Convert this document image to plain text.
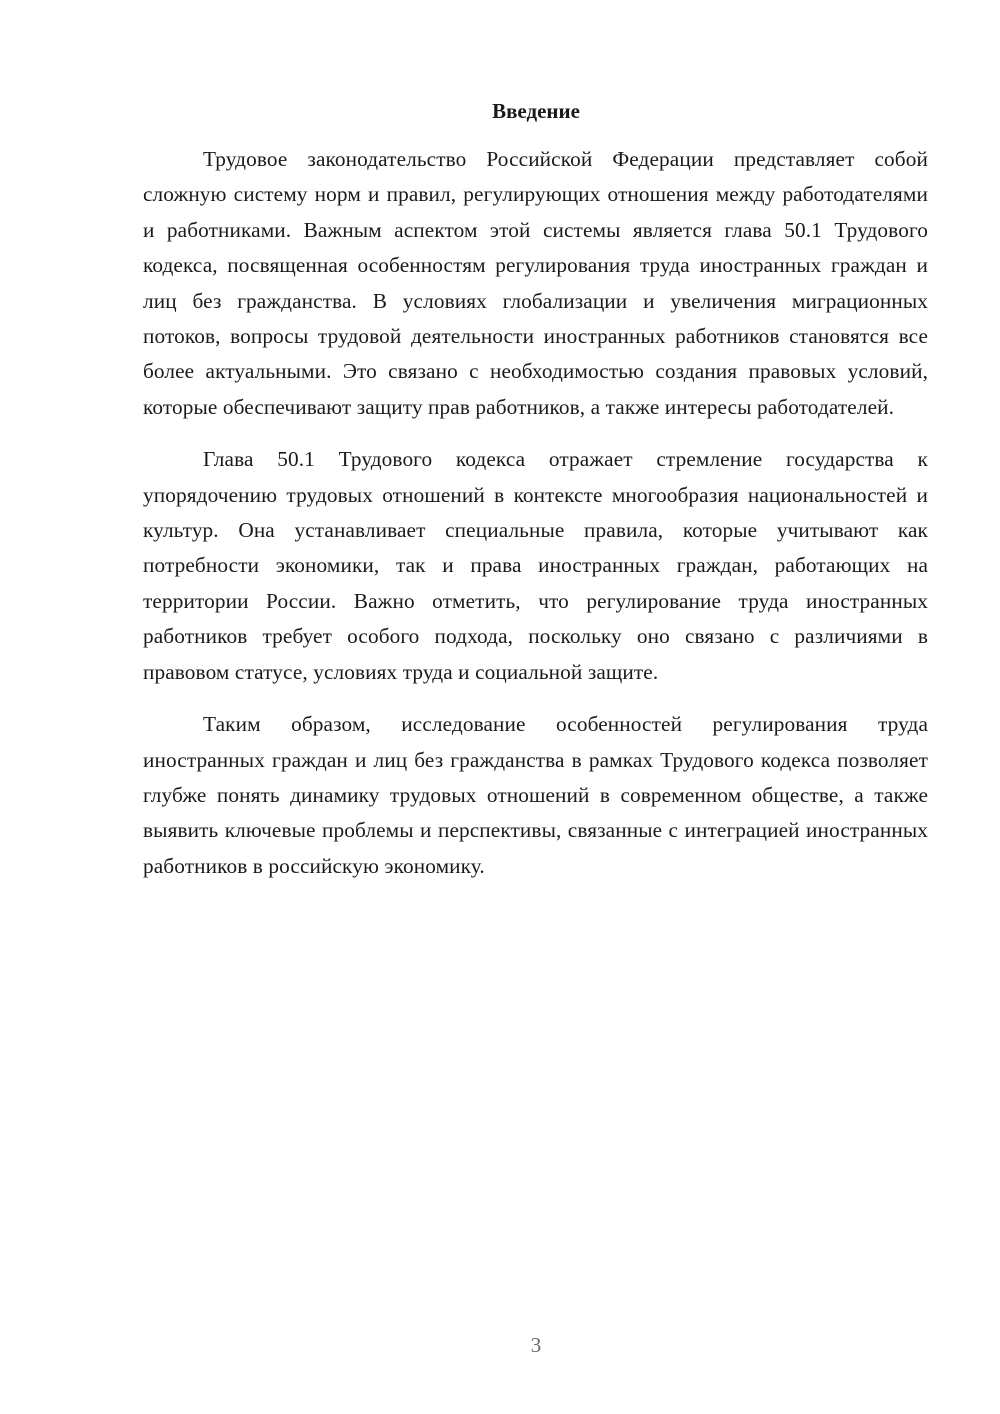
Введение

Трудовое законодательство Российской Федерации представляет собой сложную систему норм и правил, регулирующих отношения между работодателями и работниками. Важным аспектом этой системы является глава 50.1 Трудового кодекса, посвященная особенностям регулирования труда иностранных граждан и лиц без гражданства. В условиях глобализации и увеличения миграционных потоков, вопросы трудовой деятельности иностранных работников становятся все более актуальными. Это связано с необходимостью создания правовых условий, которые обеспечивают защиту прав работников, а также интересы работодателей.

Глава 50.1 Трудового кодекса отражает стремление государства к упорядочению трудовых отношений в контексте многообразия национальностей и культур. Она устанавливает специальные правила, которые учитывают как потребности экономики, так и права иностранных граждан, работающих на территории России. Важно отметить, что регулирование труда иностранных работников требует особого подхода, поскольку оно связано с различиями в правовом статусе, условиях труда и социальной защите.

Таким образом, исследование особенностей регулирования труда иностранных граждан и лиц без гражданства в рамках Трудового кодекса позволяет глубже понять динамику трудовых отношений в современном обществе, а также выявить ключевые проблемы и перспективы, связанные с интеграцией иностранных работников в российскую экономику.

3
